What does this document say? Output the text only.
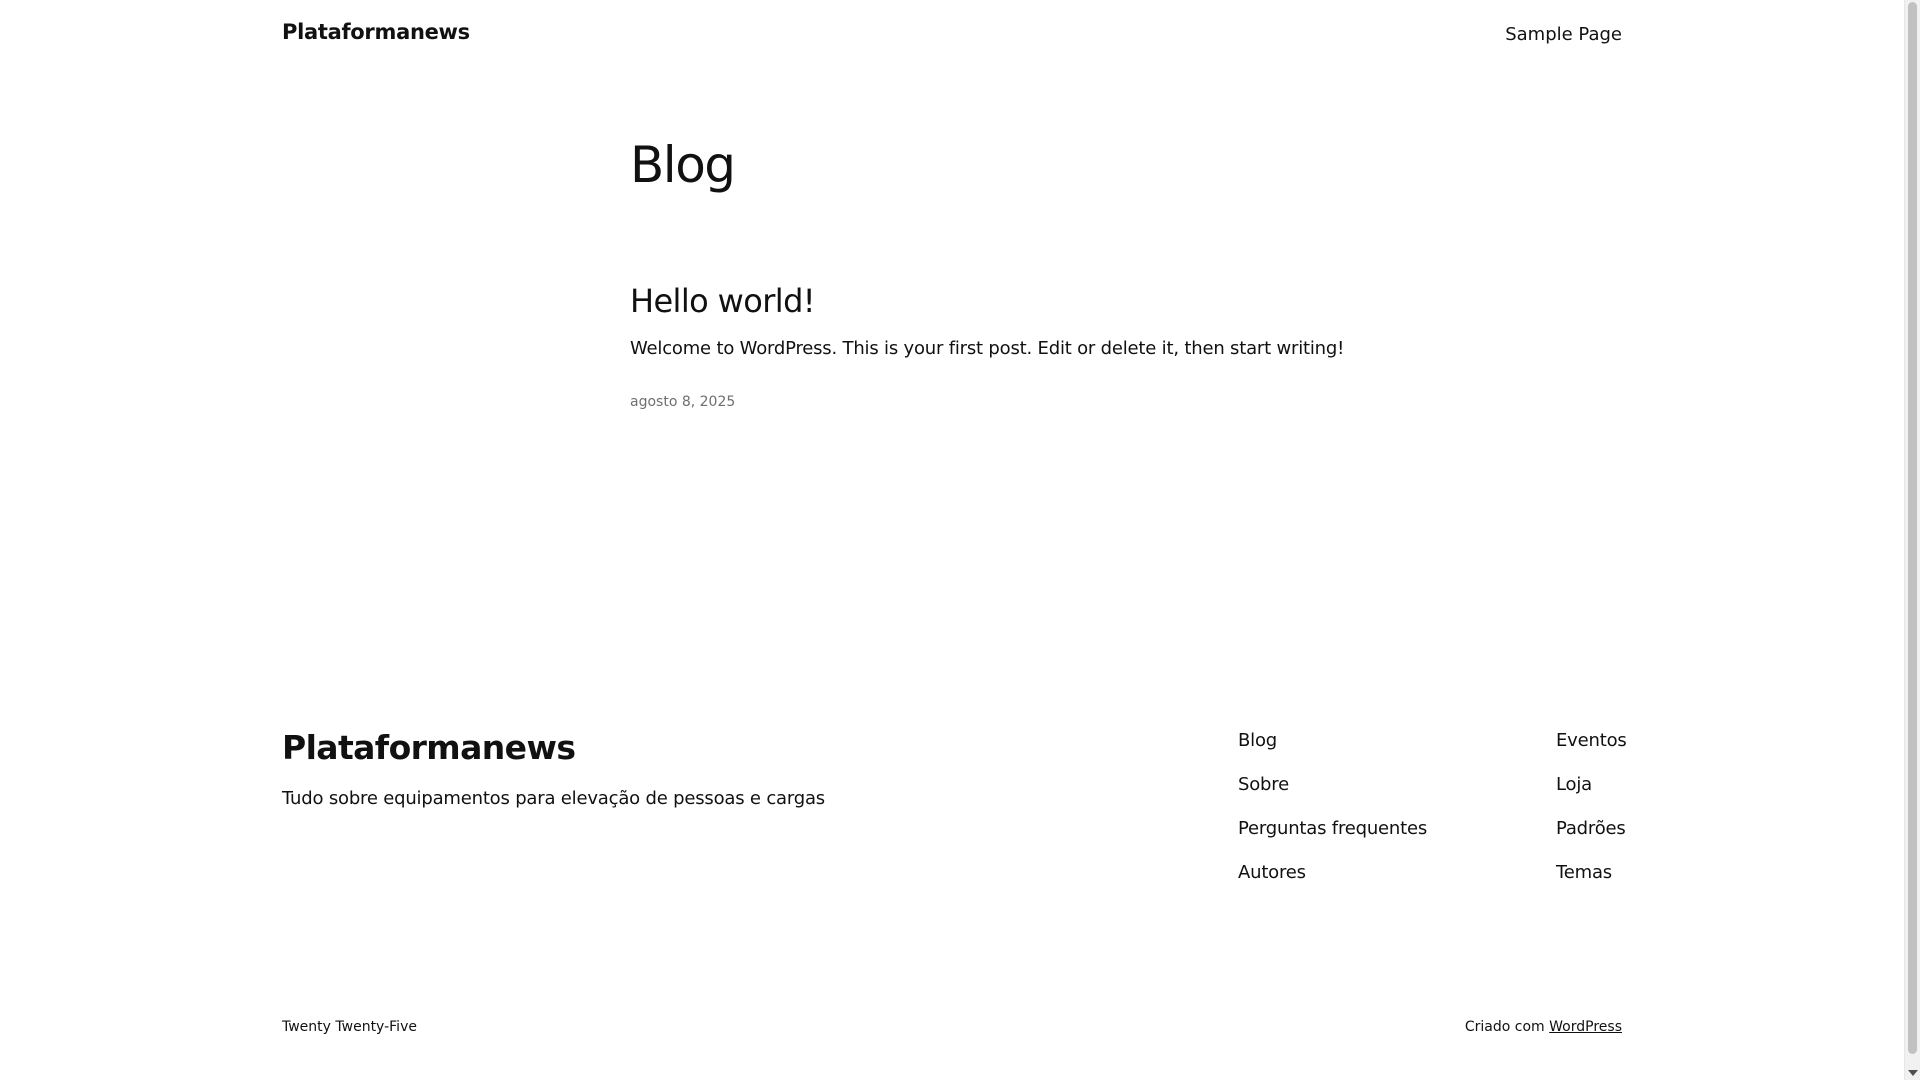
Plataformanews	Sample Page
Blog
Hello world!

Welcome to WordPress. This is your first post. Edit or delete it, then start writing!

agosto 8, 2025
Plataformanews

Tudo sobre equipamentos para elevação de pessoas e cargas

Blog
Sobre
Perguntas frequentes
Autores
Eventos
Loja
Padrões
Temas
Twenty Twenty-Five	Criado com WordPress
